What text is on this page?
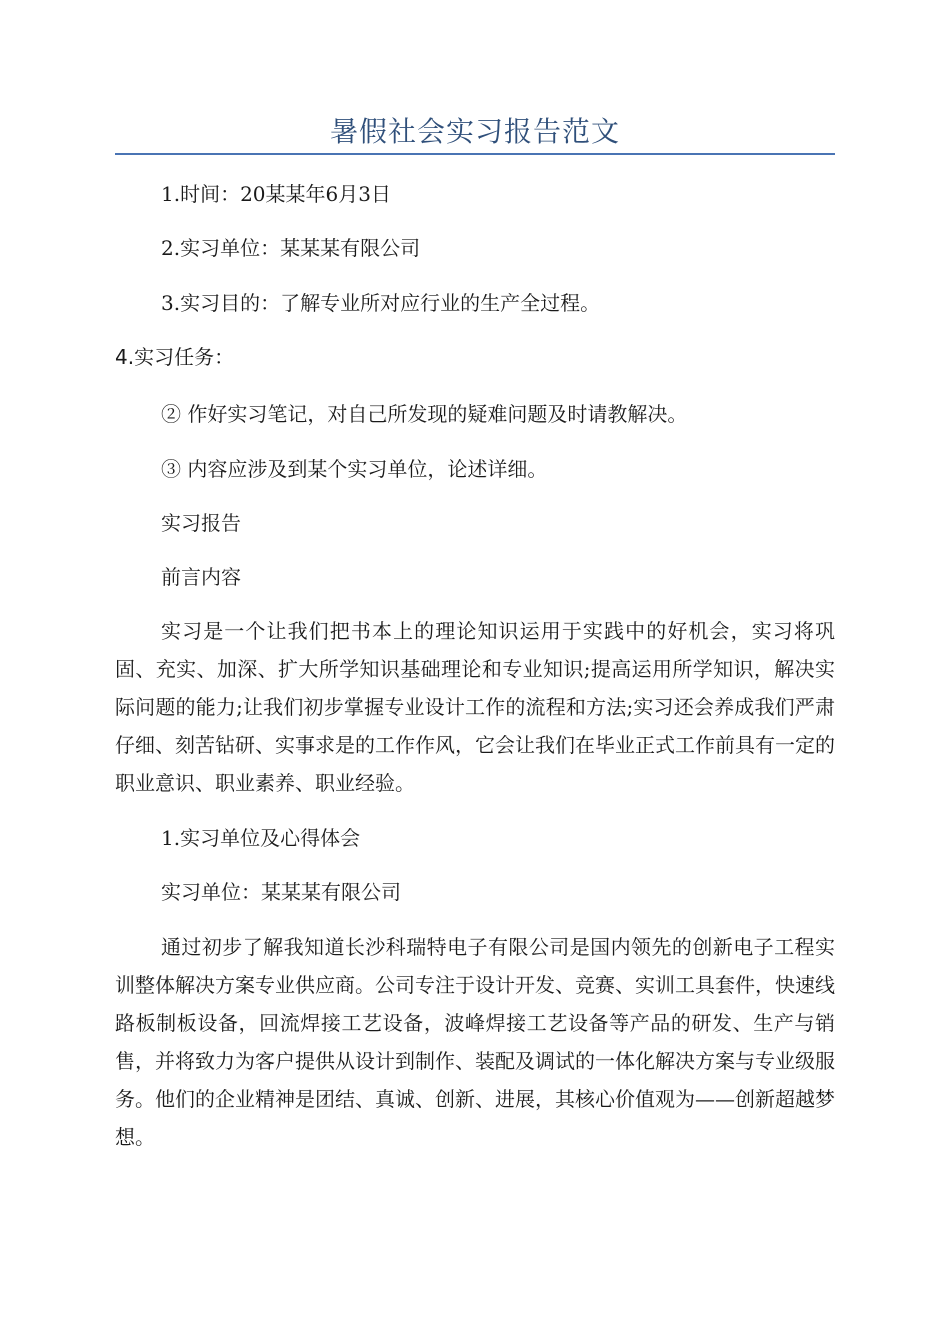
暑假社会实习报告范文
1.时间：20某某年6月3日
2.实习单位：某某某有限公司
3.实习目的：了解专业所对应行业的生产全过程。
4.实习任务：
② 作好实习笔记，对自己所发现的疑难问题及时请教解决。
③ 内容应涉及到某个实习单位，论述详细。
实习报告
前言内容
实习是一个让我们把书本上的理论知识运用于实践中的好机会，实习将巩固、充实、加深、扩大所学知识基础理论和专业知识;提高运用所学知识，解决实际问题的能力;让我们初步掌握专业设计工作的流程和方法;实习还会养成我们严肃仔细、刻苦钻研、实事求是的工作作风，它会让我们在毕业正式工作前具有一定的职业意识、职业素养、职业经验。
1.实习单位及心得体会
实习单位：某某某有限公司
通过初步了解我知道长沙科瑞特电子有限公司是国内领先的创新电子工程实训整体解决方案专业供应商。公司专注于设计开发、竞赛、实训工具套件，快速线路板制板设备，回流焊接工艺设备，波峰焊接工艺设备等产品的研发、生产与销售，并将致力为客户提供从设计到制作、装配及调试的一体化解决方案与专业级服务。他们的企业精神是团结、真诚、创新、进展，其核心价值观为——创新超越梦想。
